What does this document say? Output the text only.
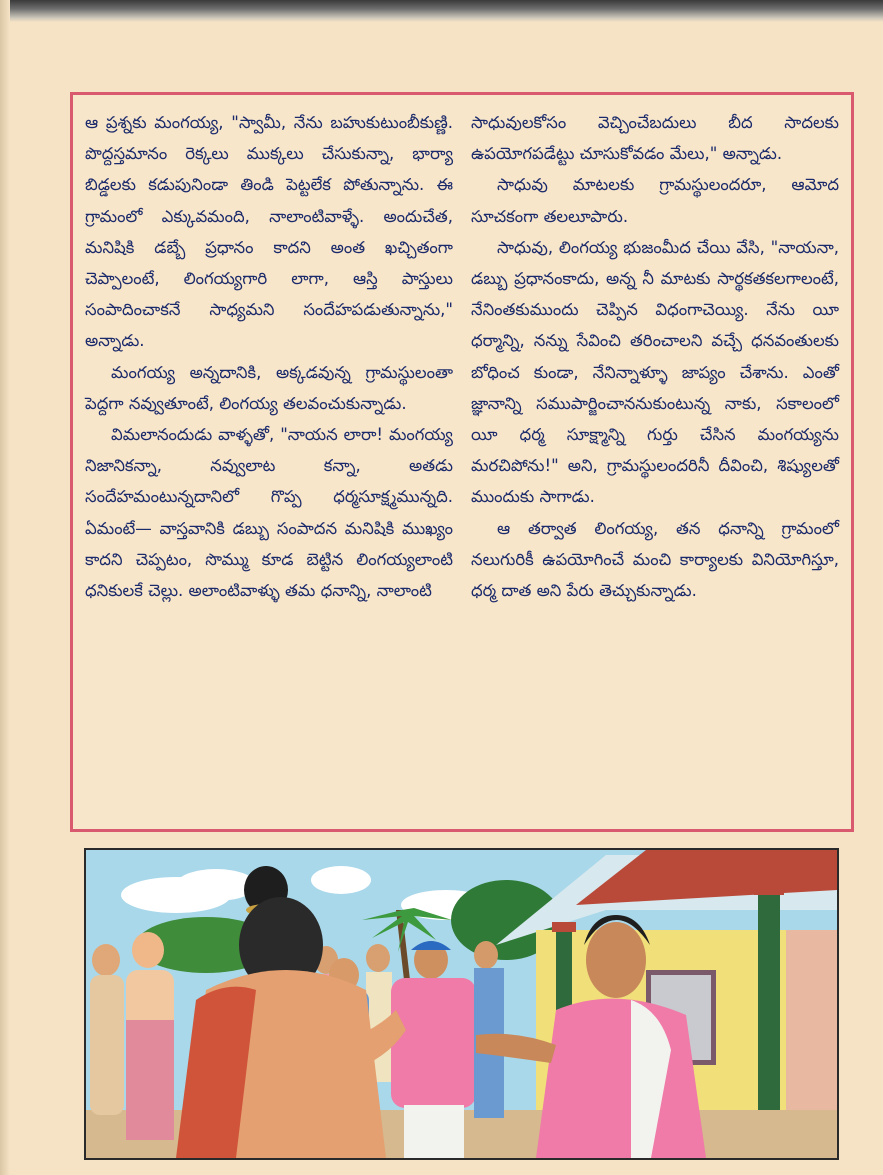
ఆ ప్రశ్నకు మంగయ్య, "స్వామీ, నేను బహుకుటుంబీకుణ్ణి. పొద్దస్తమానం రెక్కలు ముక్కలు చేసుకున్నా, భార్యా బిడ్డలకు కడుపునిండా తిండి పెట్టలేక పోతున్నాను. ఈ గ్రామంలో ఎక్కువమంది, నాలాంటివాళ్ళే. అందుచేత, మనిషికి డబ్బే ప్రధానం కాదని అంత ఖచ్చితంగా చెప్పాలంటే, లింగయ్యగారి లాగా, ఆస్తి పాస్తులు సంపాదించాకనే సాధ్యమని సందేహపడుతున్నాను," అన్నాడు.

మంగయ్య అన్నదానికి, అక్కడవున్న గ్రామస్థులంతా పెద్దగా నవ్వుతూంటే, లింగయ్య తలవంచుకున్నాడు.

విమలానందుడు వాళ్ళతో, "నాయన లారా! మంగయ్య నిజానికన్నా, నవ్వులాట కన్నా, అతడు సందేహమంటున్నదానిలో గొప్ప ధర్మసూక్ష్మమున్నది. ఏమంటే— వాస్తవానికి డబ్బు సంపాదన మనిషికి ముఖ్యం కాదని చెప్పటం, సొమ్ము కూడ బెట్టిన లింగయ్యలాంటి ధనికులకే చెల్లు. అలాంటివాళ్ళు తమ ధనాన్ని, నాలాంటి

సాధువులకోసం వెచ్చించేబదులు బీద సాదలకు ఉపయోగపడేట్టు చూసుకోవడం మేలు," అన్నాడు.

సాధువు మాటలకు గ్రామస్థులందరూ, ఆమోద సూచకంగా తలలూపారు.

సాధువు, లింగయ్య భుజంమీద చేయి వేసి, "నాయనా, డబ్బు ప్రధానంకాదు, అన్న నీ మాటకు సార్థకతకలగాలంటే, నేనింతకుముందు చెప్పిన విధంగాచెయ్యి. నేను యీ ధర్మాన్ని, నన్ను సేవించి తరించాలని వచ్చే ధనవంతులకు బోధించ కుండా, నేనిన్నాళ్ళూ జాప్యం చేశాను. ఎంతో జ్ఞానాన్ని సముపార్జించాననుకుంటున్న నాకు, సకాలంలో యీ ధర్మ సూక్ష్మాన్ని గుర్తు చేసిన మంగయ్యను మరచిపోను!" అని, గ్రామస్థులందరినీ దీవించి, శిష్యులతో ముందుకు సాగాడు.

ఆ తర్వాత లింగయ్య, తన ధనాన్ని గ్రామంలో నలుగురికీ ఉపయోగించే మంచి కార్యాలకు వినియోగిస్తూ, ధర్మ దాత అని పేరు తెచ్చుకున్నాడు.
